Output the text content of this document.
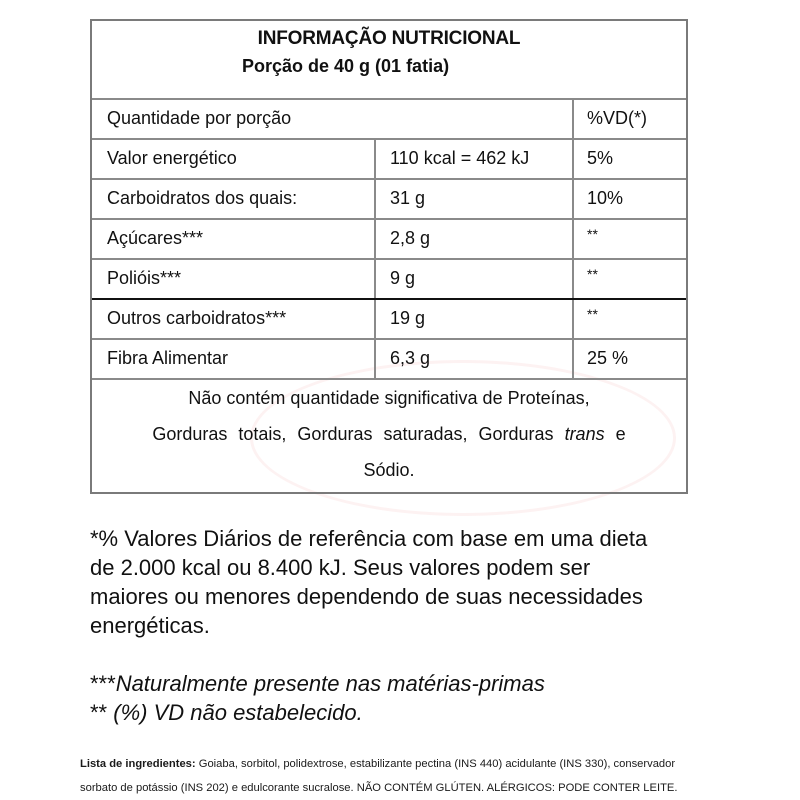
INFORMAÇÃO NUTRICIONAL
Porção de 40 g (01 fatia)
Quantidade por porção	%VD(*)
Valor energético	110 kcal = 462 kJ	5%
Carboidratos dos quais:	31 g	10%
Açúcares***	2,8 g	**
Polióis***	9 g	**
Outros carboidratos***	19 g	**
Fibra Alimentar	6,3 g	25 %
Não contém quantidade significativa de Proteínas,
Gorduras totais, Gorduras saturadas, Gorduras trans e
Sódio.

*% Valores Diários de referência com base em uma dieta

de 2.000 kcal ou 8.400 kJ. Seus valores podem ser

maiores ou menores dependendo de suas necessidades

energéticas.

***Naturalmente presente nas matérias-primas

** (%) VD não estabelecido.

Lista de ingredientes: Goiaba, sorbitol, polidextrose, estabilizante pectina (INS 440) acidulante (INS 330), conservador
sorbato de potássio (INS 202) e edulcorante sucralose. NÃO CONTÉM GLÚTEN. ALÉRGICOS: PODE CONTER LEITE.
